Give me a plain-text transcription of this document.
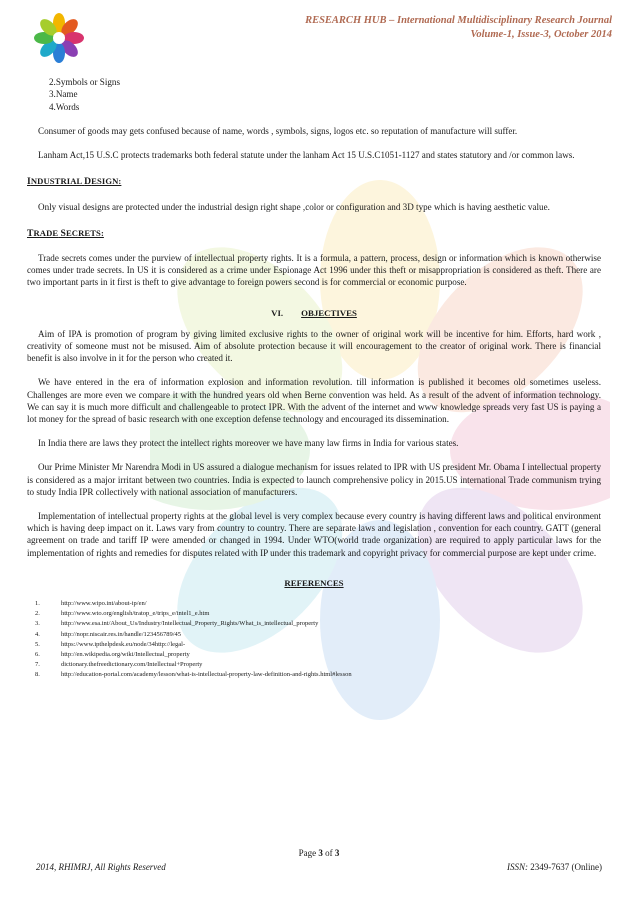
RESEARCH HUB – International Multidisciplinary Research Journal
Volume-1, Issue-3, October 2014
2.Symbols or Signs
3.Name
4.Words

Consumer of goods may gets confused because of name, words , symbols, signs, logos etc. so reputation of manufacture will suffer.

Lanham Act,15 U.S.C protects trademarks both federal statute under the lanham Act 15 U.S.C1051-1127 and states statutory and /or common laws.

INDUSTRIAL DESIGN:

Only visual designs are protected under the industrial design right shape ,color or configuration and 3D type which is having aesthetic value.

TRADE SECRETS:

Trade secrets comes under the purview of intellectual property rights. It is a formula, a pattern, process, design or information which is known otherwise comes under trade secrets. In US it is considered as a crime under Espionage Act 1996 under this theft or misappropriation is considered as theft. There are two important parts in it first is theft to give advantage to foreign powers second is for commercial or economic purpose.

VI. OBJECTIVES

Aim of IPA is promotion of program by giving limited exclusive rights to the owner of original work will be incentive for him. Efforts, hard work , creativity of someone must not be misused. Aim of absolute protection because it will encouragement to the creator of original work. There is financial benefit is also involve in it for the person who created it.

We have entered in the era of information explosion and information revolution. till information is published it becomes old sometimes useless. Challenges are more even we compare it with the hundred years old when Berne convention was held. As a result of the advent of information technology. We can say it is much more difficult and challengeable to protect IPR. With the advent of the internet and www knowledge spreads very fast US is paying a lot money for the spread of basic research with one exception defense technology and encouraged its dissemination.

In India there are laws they protect the intellect rights moreover we have many law firms in India for various states.

Our Prime Minister Mr Narendra Modi in US assured a dialogue mechanism for issues related to IPR with US president Mr. Obama I intellectual property is considered as a major irritant between two countries. India is expected to launch comprehensive policy in 2015.US international Trade communism trying to study India IPR collectively with national association of manufacturers.

Implementation of intellectual property rights at the global level is very complex because every country is having different laws and political environment which is having deep impact on it. Laws vary from country to country. There are separate laws and legislation , convention for each country. GATT (general agreement on trade and tariff IP were amended or changed in 1994. Under WTO(world trade organization) are required to apply particular laws for the implementation of rights and remedies for disputes related with IP under this trademark and copyright privacy for commercial purpose are kept under crime.

REFERENCES
1.	http://www.wipo.int/about-ip/en/
2.	http://www.wto.org/english/tratop_e/trips_e/intel1_e.htm
3.	http://www.esa.int/About_Us/Industry/Intellectual_Property_Rights/What_is_intellectual_property
4.	http://nopr.niscair.res.in/handle/123456789/45
5.	https://www.ipthelpdesk.eu/node/34http://legal-
6.	http://en.wikipedia.org/wiki/Intellectual_property
7.	dictionary.thefreedictionary.com/Intellectual+Property
8.	http://education-portal.com/academy/lesson/what-is-intellectual-property-law-definition-and-rights.html#lesson
Page 3 of 3
2014, RHIMRJ, All Rights Reserved	ISSN: 2349-7637 (Online)
